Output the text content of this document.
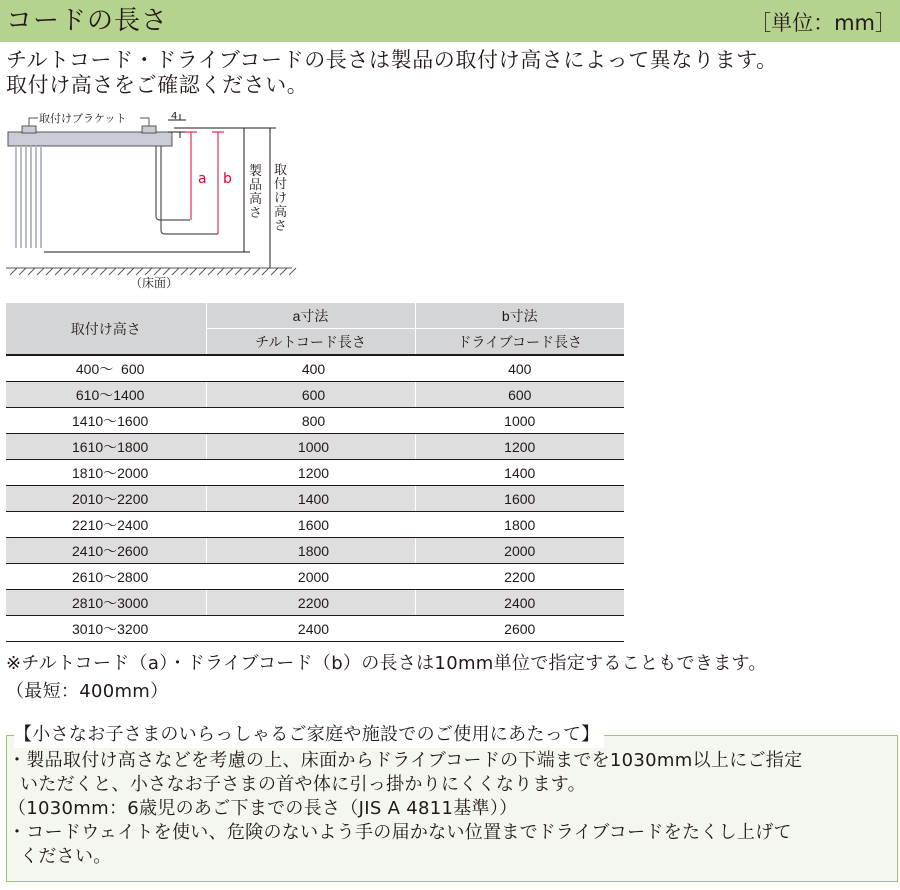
コードの長さ	［単位：mm］
チルトコード・ドライブコードの長さは製品の取付け高さによって異なります。
取付け高さをご確認ください。
取付けブラケット	4
a b 製
品
高
さ
取
付
け
高
さ
（床面）
取付け高さ	a寸法	b寸法
	チルトコード長さ	ドライブコード長さ
400～  600	400	400
610～1400	600	600
1410～1600	800	1000
1610～1800	1000	1200
1810～2000	1200	1400
2010～2200	1400	1600
2210～2400	1600	1800
2410～2600	1800	2000
2610～2800	2000	2200
2810～3000	2200	2400
3010～3200	2400	2600
※チルトコード（a）・ドライブコード（b）の長さは10mm単位で指定することもできます。
（最短：400mm）
【小さなお子さまのいらっしゃるご家庭や施設でのご使用にあたって】
・製品取付け高さなどを考慮の上、床面からドライブコードの下端までを1030mm以上にご指定
いただくと、小さなお子さまの首や体に引っ掛かりにくくなります。
（1030mm：6歳児のあご下までの長さ（JIS A 4811基準））
・コードウェイトを使い、危険のないよう手の届かない位置までドライブコードをたくし上げて
ください。
